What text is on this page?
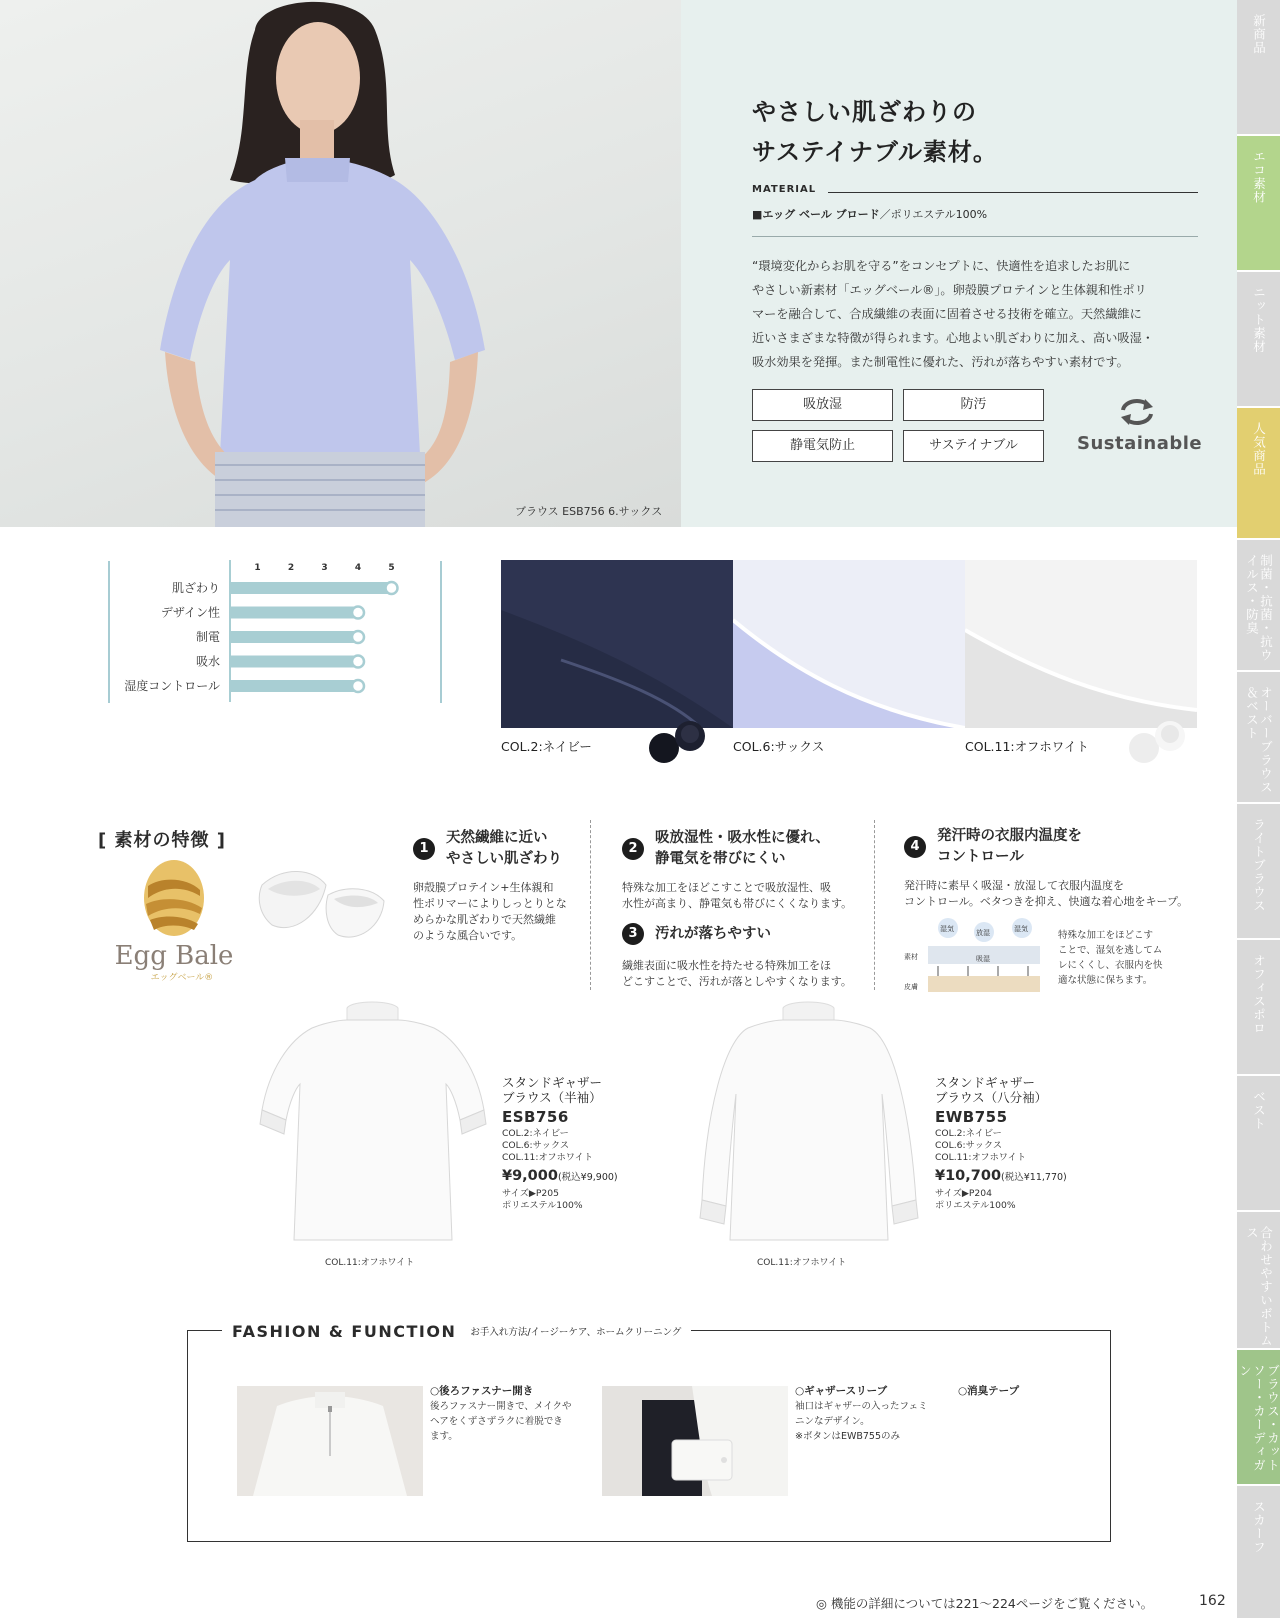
ブラウス ESB756 6.サックス
やさしい肌ざわりの
サステイナブル素材。
MATERIAL
■エッグ ベール ブロード／ポリエステル100%

“環境変化からお肌を守る”をコンセプトに、快適性を追求したお肌に

やさしい新素材「エッグベール®」。卵殻膜プロテインと生体親和性ポリ

マーを融合して、合成繊維の表面に固着させる技術を確立。天然繊維に

近いさまざまな特徴が得られます。心地よい肌ざわりに加え、高い吸湿・

吸水効果を発揮。また制電性に優れた、汚れが落ちやすい素材です。

吸放湿	防汚
静電気防止	サステイナブル	Sustainable
新商品
エコ素材
ニット素材
人気商品
制菌・抗菌・抗ウイルス・防臭
オーバーブラウス＆ベスト
ライトブラウス
オフィスポロ
ベスト
合わせやすいボトムス
ブラウス・カットソー・カーディガン
スカーフ
1	2	3	4	5
肌ざわり
デザイン性
制電
吸水
湿度コントロール
COL.2:ネイビー	COL.6:サックス	COL.11:オフホワイト
[ 素材の特徴 ]
Egg Bale
エッグベール®
1
天然繊維に近い
やさしい肌ざわり
卵殻膜プロテイン+生体親和
性ポリマーによりしっとりとな
めらかな肌ざわりで天然繊維
のような風合いです。
2
吸放湿性・吸水性に優れ、
静電気を帯びにくい
特殊な加工をほどこすことで吸放湿性、吸
水性が高まり、静電気も帯びにくくなります。
3	汚れが落ちやすい
繊維表面に吸水性を持たせる特殊加工をほ
どこすことで、汚れが落としやすくなります。
4
発汗時の衣服内温度を
コントロール
発汗時に素早く吸湿・放湿して衣服内温度を
コントロール。ベタつきを抑え、快適な着心地をキープ。
素材
皮膚
湿気	放湿	湿気
吸湿
特殊な加工をほどこす
ことで、湿気を逃してム
レにくくし、衣服内を快
適な状態に保ちます。
スタンドギャザー
ブラウス（半袖）
ESB756
COL.2:ネイビー
COL.6:サックス
COL.11:オフホワイト
¥9,000(税込¥9,900)
サイズ▶P205
ポリエステル100%
COL.11:オフホワイト
スタンドギャザー
ブラウス（八分袖）
EWB755
COL.2:ネイビー
COL.6:サックス
COL.11:オフホワイト
¥10,700(税込¥11,770)
サイズ▶P204
ポリエステル100%
COL.11:オフホワイト
FASHION & FUNCTION お手入れ方法/イージーケア、ホームクリーニング
○後ろファスナー開き
後ろファスナー開きで、メイクや
ヘアをくずさずラクに着脱でき
ます。
○ギャザースリーブ
袖口はギャザーの入ったフェミ
ニンなデザイン。
※ボタンはEWB755のみ
○消臭テープ
◎ 機能の詳細については221〜224ページをご覧ください。	162
